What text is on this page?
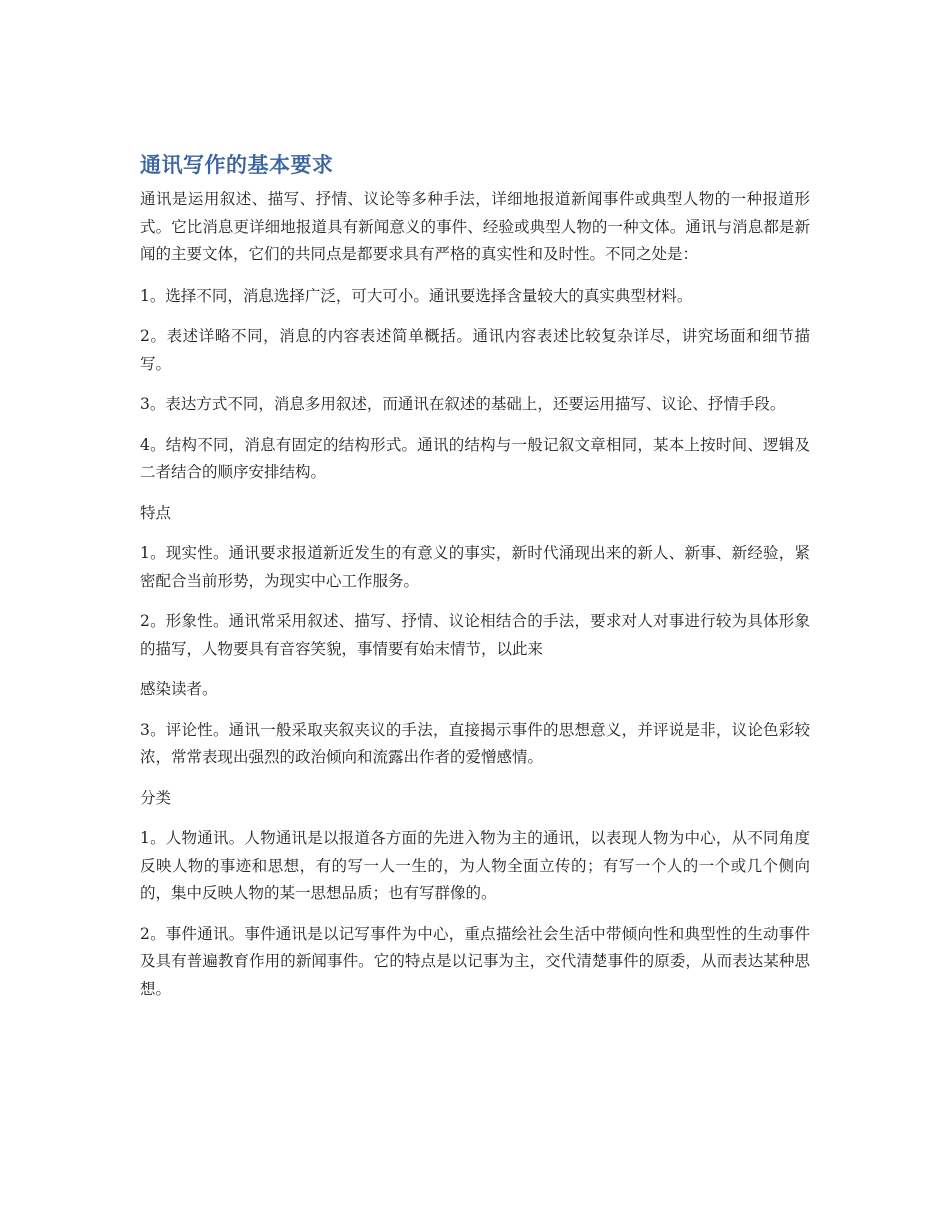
通讯写作的基本要求

通讯是运用叙述、描写、抒情、议论等多种手法，详细地报道新闻事件或典型人物的一种报道形式。它比消息更详细地报道具有新闻意义的事件、经验或典型人物的一种文体。通讯与消息都是新闻的主要文体，它们的共同点是都要求具有严格的真实性和及时性。不同之处是：

1。选择不同，消息选择广泛，可大可小。通讯要选择含量较大的真实典型材料。

2。表述详略不同，消息的内容表述简单概括。通讯内容表述比较复杂详尽，讲究场面和细节描写。

3。表达方式不同，消息多用叙述，而通讯在叙述的基础上，还要运用描写、议论、抒情手段。

4。结构不同，消息有固定的结构形式。通讯的结构与一般记叙文章相同，某本上按时间、逻辑及二者结合的顺序安排结构。

特点

1。现实性。通讯要求报道新近发生的有意义的事实，新时代涌现出来的新人、新事、新经验，紧密配合当前形势，为现实中心工作服务。

2。形象性。通讯常采用叙述、描写、抒情、议论相结合的手法，要求对人对事进行较为具体形象的描写，人物要具有音容笑貌，事情要有始末情节，以此来

感染读者。

3。评论性。通讯一般采取夹叙夹议的手法，直接揭示事件的思想意义，并评说是非，议论色彩较浓，常常表现出强烈的政治倾向和流露出作者的爱憎感情。

分类

1。人物通讯。人物通讯是以报道各方面的先进入物为主的通讯，以表现人物为中心，从不同角度反映人物的事迹和思想，有的写一人一生的，为人物全面立传的；有写一个人的一个或几个侧向的，集中反映人物的某一思想品质；也有写群像的。

2。事件通讯。事件通讯是以记写事件为中心，重点描绘社会生活中带倾向性和典型性的生动事件及具有普遍教育作用的新闻事件。它的特点是以记事为主，交代清楚事件的原委，从而表达某种思想。
